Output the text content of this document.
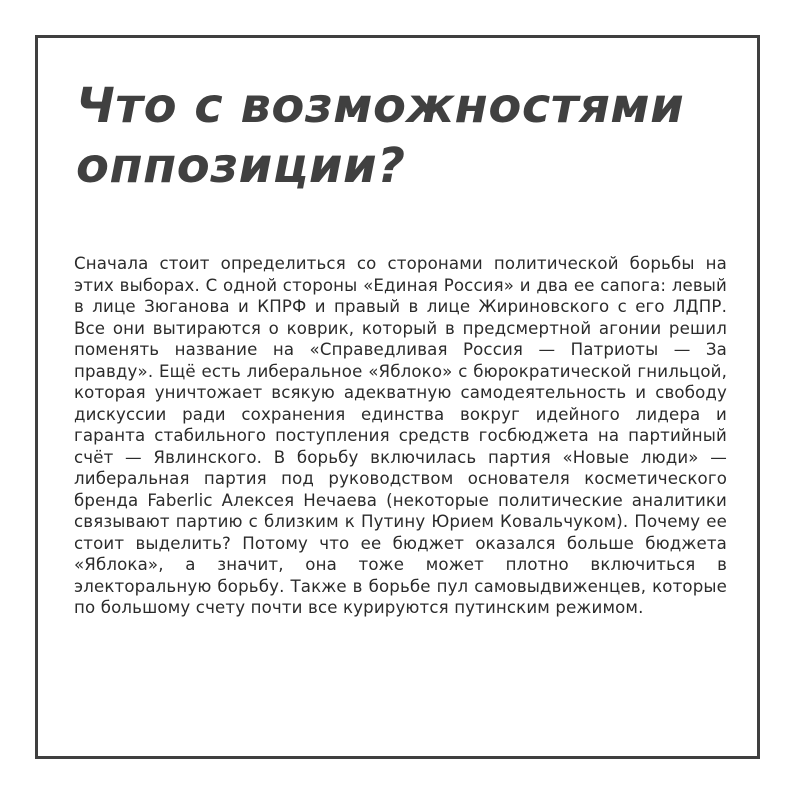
Что с возможностями оппозиции?

Сначала стоит определиться со сторонами политической борьбы на этих выборах. С одной стороны «Единая Россия» и два ее сапога: левый в лице Зюганова и КПРФ и правый в лице Жириновского с его ЛДПР. Все они вытираются о коврик, который в предсмертной агонии решил поменять название на «Справедливая Россия — Патриоты — За правду». Ещё есть либеральное «Яблоко» с бюрократической гнильцой, которая уничтожает всякую адекватную самодеятельность и свободу дискуссии ради сохранения единства вокруг идейного лидера и гаранта стабильного поступления средств госбюджета на партийный счёт — Явлинского. В борьбу включилась партия «Новые люди» — либеральная партия под руководством основателя косметического бренда Faberlic Алексея Нечаева (некоторые политические аналитики связывают партию с близким к Путину Юрием Ковальчуком). Почему ее стоит выделить? Потому что ее бюджет оказался больше бюджета «Яблока», а значит, она тоже может плотно включиться в электоральную борьбу. Также в борьбе пул самовыдвиженцев, которые по большому счету почти все курируются путинским режимом.
